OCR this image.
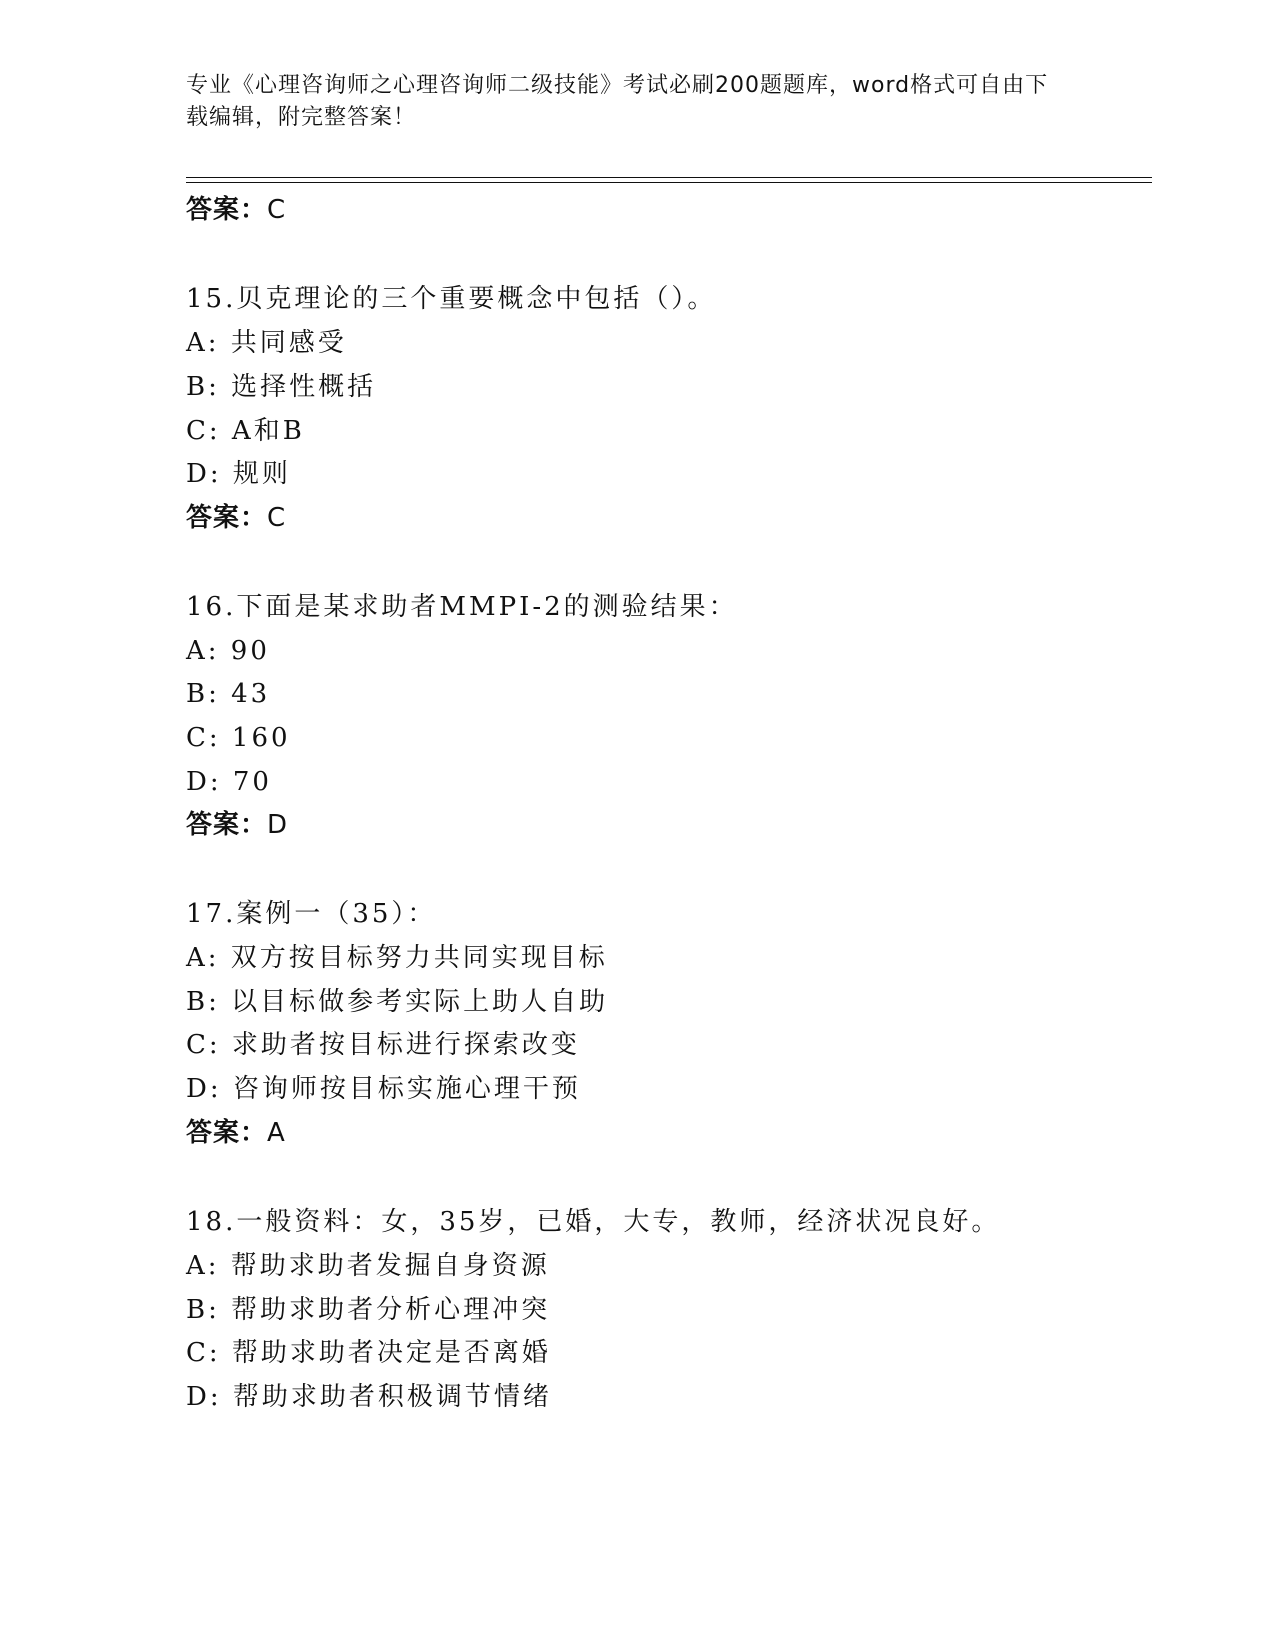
专业《心理咨询师之心理咨询师二级技能》考试必刷200题题库，word格式可自由下载编辑，附完整答案！
答案：C
15.贝克理论的三个重要概念中包括（）。
A: 共同感受
B: 选择性概括
C: A和B
D: 规则
答案：C
16.下面是某求助者MMPI-2的测验结果：
A: 90
B: 43
C: 160
D: 70
答案：D
17.案例一（35）：
A: 双方按目标努力共同实现目标
B: 以目标做参考实际上助人自助
C: 求助者按目标进行探索改变
D: 咨询师按目标实施心理干预
答案：A
18.一般资料：女，35岁，已婚，大专，教师，经济状况良好。
A: 帮助求助者发掘自身资源
B: 帮助求助者分析心理冲突
C: 帮助求助者决定是否离婚
D: 帮助求助者积极调节情绪
